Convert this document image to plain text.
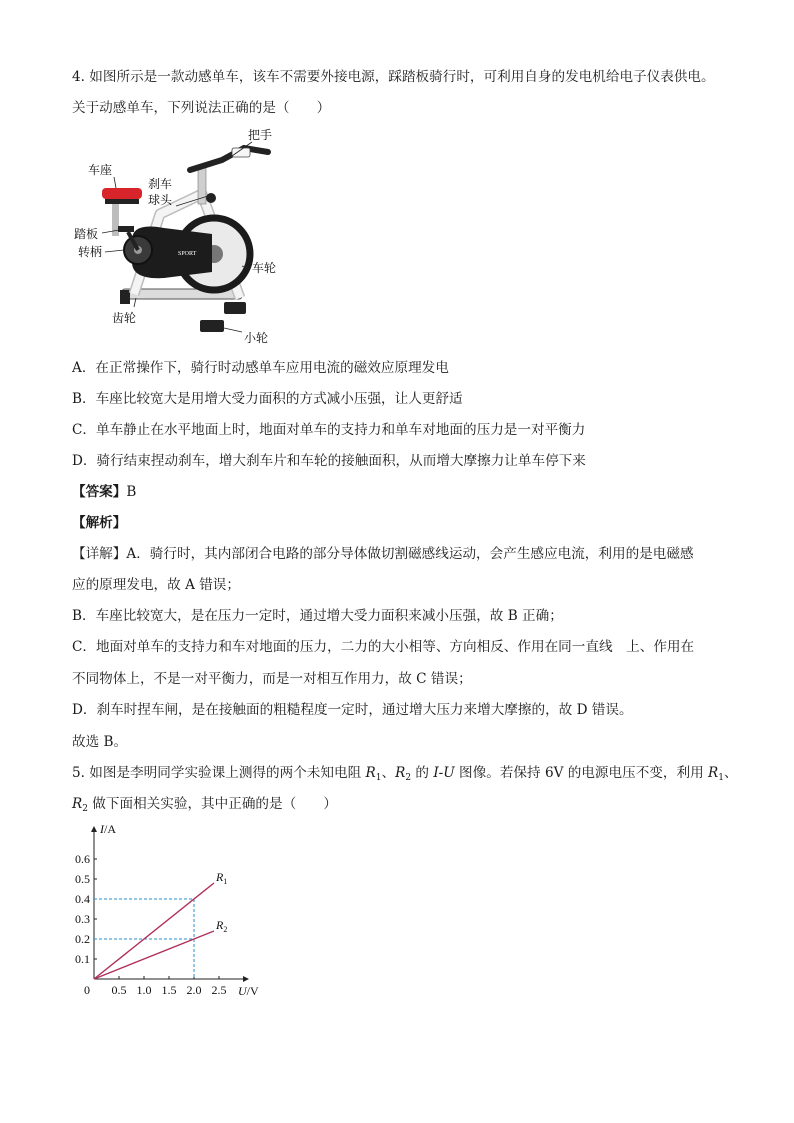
4. 如图所示是一款动感单车，该车不需要外接电源，踩踏板骑行时，可利用自身的发电机给电子仪表供电。
关于动感单车，下列说法正确的是（　　）
SPORT
把手
车座
刹车
球头
踏板
转柄
车轮
齿轮
小轮
A．在正常操作下，骑行时动感单车应用电流的磁效应原理发电
B．车座比较宽大是用增大受力面积的方式减小压强，让人更舒适
C．单车静止在水平地面上时，地面对单车的支持力和单车对地面的压力是一对平衡力
D．骑行结束捏动刹车，增大刹车片和车轮的接触面积，从而增大摩擦力让单车停下来
【答案】B
【解析】
【详解】A．骑行时，其内部闭合电路的部分导体做切割磁感线运动，会产生感应电流，利用的是电磁感
应的原理发电，故 A 错误；
B．车座比较宽大，是在压力一定时，通过增大受力面积来减小压强，故 B 正确；
C．地面对单车的支持力和车对地面的压力，二力的大小相等、方向相反、作用在同一直线　上、作用在
不同物体上，不是一对平衡力，而是一对相互作用力，故 C 错误；
D．刹车时捏车闸，是在接触面的粗糙程度一定时，通过增大压力来增大摩擦的，故 D 错误。
故选 B。
5. 如图是李明同学实验课上测得的两个未知电阻 $R_1$、$R_2$ 的 I-U 图像。若保持 6V 的电源电压不变，利用 $R_1$、
$R_2$ 做下面相关实验，其中正确的是（　　）
0.5 1.0 1.5 2.0 2.5
0.1
0.2
0.3
0.4
0.5
0.6
0
I/A
U/V
$R_1$
$R_2$
